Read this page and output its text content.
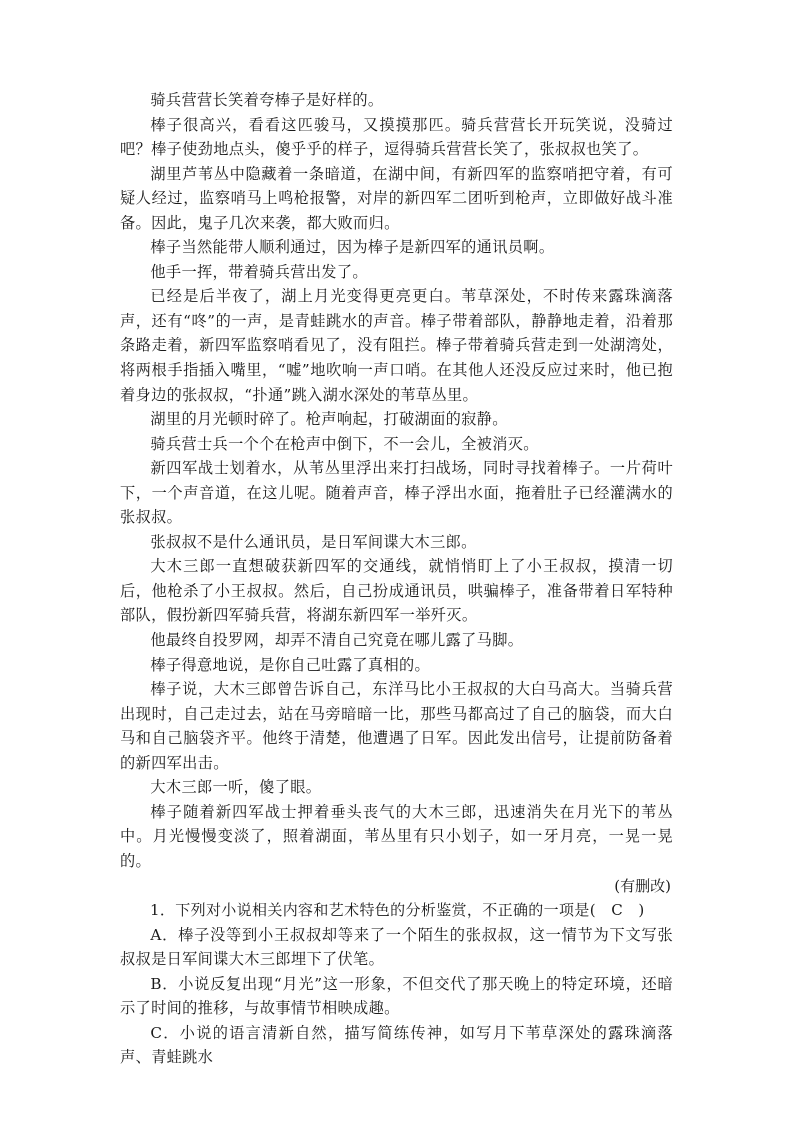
骑兵营营长笑着夸棒子是好样的。

棒子很高兴，看看这匹骏马，又摸摸那匹。骑兵营营长开玩笑说，没骑过吧？棒子使劲地点头，傻乎乎的样子，逗得骑兵营营长笑了，张叔叔也笑了。

湖里芦苇丛中隐藏着一条暗道，在湖中间，有新四军的监察哨把守着，有可疑人经过，监察哨马上鸣枪报警，对岸的新四军二团听到枪声，立即做好战斗准备。因此，鬼子几次来袭，都大败而归。

棒子当然能带人顺利通过，因为棒子是新四军的通讯员啊。

他手一挥，带着骑兵营出发了。

已经是后半夜了，湖上月光变得更亮更白。苇草深处，不时传来露珠滴落声，还有“咚”的一声，是青蛙跳水的声音。棒子带着部队，静静地走着，沿着那条路走着，新四军监察哨看见了，没有阻拦。棒子带着骑兵营走到一处湖湾处，将两根手指插入嘴里，“嘘”地吹响一声口哨。在其他人还没反应过来时，他已抱着身边的张叔叔，“扑通”跳入湖水深处的苇草丛里。

湖里的月光顿时碎了。枪声响起，打破湖面的寂静。

骑兵营士兵一个个在枪声中倒下，不一会儿，全被消灭。

新四军战士划着水，从苇丛里浮出来打扫战场，同时寻找着棒子。一片荷叶下，一个声音道，在这儿呢。随着声音，棒子浮出水面，拖着肚子已经灌满水的张叔叔。

张叔叔不是什么通讯员，是日军间谍大木三郎。

大木三郎一直想破获新四军的交通线，就悄悄盯上了小王叔叔，摸清一切后，他枪杀了小王叔叔。然后，自己扮成通讯员，哄骗棒子，准备带着日军特种部队，假扮新四军骑兵营，将湖东新四军一举歼灭。

他最终自投罗网，却弄不清自己究竟在哪儿露了马脚。

棒子得意地说，是你自己吐露了真相的。

棒子说，大木三郎曾告诉自己，东洋马比小王叔叔的大白马高大。当骑兵营出现时，自己走过去，站在马旁暗暗一比，那些马都高过了自己的脑袋，而大白马和自己脑袋齐平。他终于清楚，他遭遇了日军。因此发出信号，让提前防备着的新四军出击。

大木三郎一听，傻了眼。

棒子随着新四军战士押着垂头丧气的大木三郎，迅速消失在月光下的苇丛中。月光慢慢变淡了，照着湖面，苇丛里有只小划子，如一牙月亮，一晃一晃的。

(有删改)

1．下列对小说相关内容和艺术特色的分析鉴赏，不正确的一项是(　C　)

A．棒子没等到小王叔叔却等来了一个陌生的张叔叔，这一情节为下文写张叔叔是日军间谍大木三郎埋下了伏笔。

B．小说反复出现“月光”这一形象，不但交代了那天晚上的特定环境，还暗示了时间的推移，与故事情节相映成趣。

C．小说的语言清新自然，描写简练传神，如写月下苇草深处的露珠滴落声、青蛙跳水
